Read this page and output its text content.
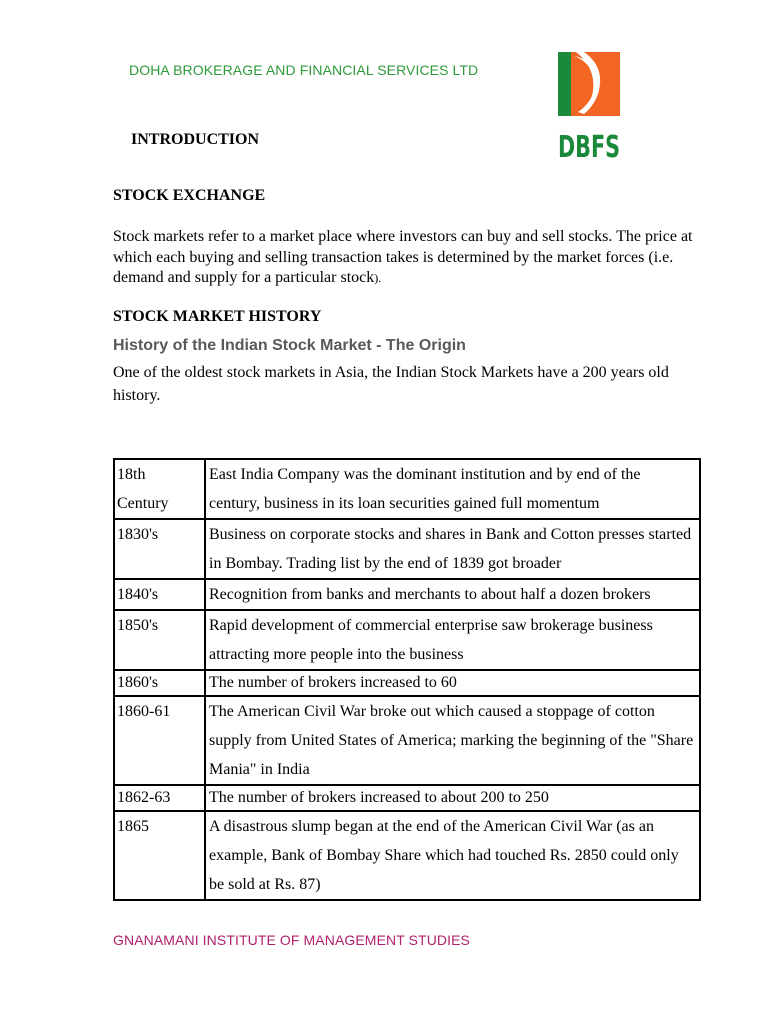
DOHA BROKERAGE AND FINANCIAL SERVICES LTD
DBFS
INTRODUCTION
STOCK EXCHANGE
Stock markets refer to a market place where investors can buy and sell stocks. The price at which each buying and selling transaction takes is determined by the market forces (i.e. demand and supply for a particular stock).
STOCK MARKET HISTORY
History of the Indian Stock Market - The Origin
One of the oldest stock markets in Asia, the Indian Stock Markets have a 200 years old history.
18th Century	East India Company was the dominant institution and by end of the century, business in its loan securities gained full momentum
1830's	Business on corporate stocks and shares in Bank and Cotton presses started in Bombay. Trading list by the end of 1839 got broader
1840's	Recognition from banks and merchants to about half a dozen brokers
1850's	Rapid development of commercial enterprise saw brokerage business attracting more people into the business
1860's	The number of brokers increased to 60
1860-61	The American Civil War broke out which caused a stoppage of cotton supply from United States of America; marking the beginning of the "Share Mania" in India
1862-63	The number of brokers increased to about 200 to 250
1865	A disastrous slump began at the end of the American Civil War (as an example, Bank of Bombay Share which had touched Rs. 2850 could only be sold at Rs. 87)
GNANAMANI INSTITUTE OF MANAGEMENT STUDIES
